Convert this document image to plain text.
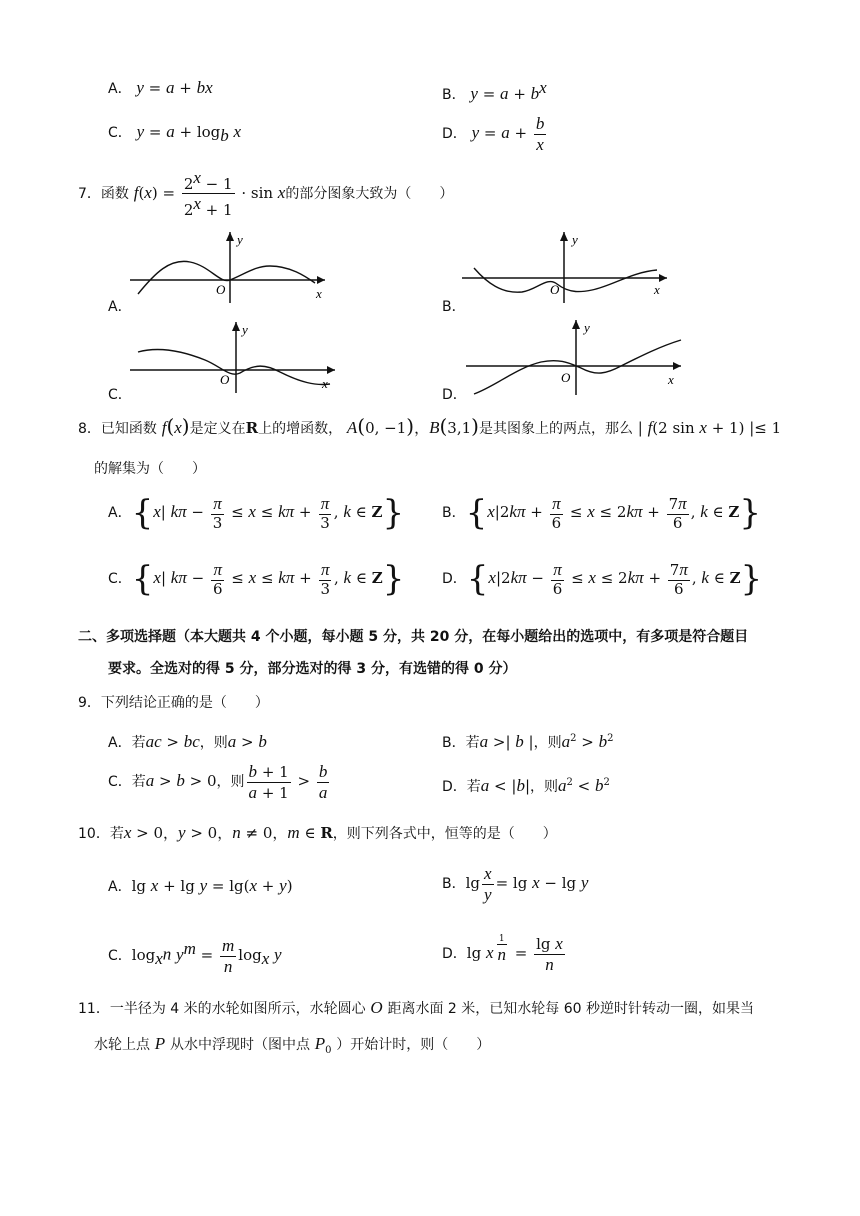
A． y = a + bx	B． $y = a + b^x$
C． $y = a + \log_b x$	D． $y = a + \frac{b}{x}$
7．函数 $f(x) = \frac{2^x - 1}{2^x + 1} \cdot \sin x$的部分图象大致为（　　）
A．
y
O	x
B．
y
O	x
C．
y
O	x
D．
y
O	x
8．已知函数 f(x)是定义在R上的增函数， A(0, −1)，B(3,1)是其图象上的两点，那么 | f(2 sin x + 1) |≤ 1
的解集为（　　）
A．{x| $k\pi - \frac{\pi}{3} \le x \le k\pi + \frac{\pi}{3}$ , k ∈ Z}	B．{$x|2k\pi + \frac{\pi}{6} \le x \le 2k\pi + \frac{7\pi}{6}$ , k ∈ Z}
C．{x| $k\pi - \frac{\pi}{6} \le x \le k\pi + \frac{\pi}{3}$ , k ∈ Z}	D．{$x|2k\pi - \frac{\pi}{6} \le x \le 2k\pi + \frac{7\pi}{6}$ , k ∈ Z}
二、多项选择题（本大题共 4 个小题，每小题 5 分，共 20 分，在每小题给出的选项中，有多项是符合题目
要求。全选对的得 5 分，部分选对的得 3 分，有选错的得 0 分）
9．下列结论正确的是（　　）
A．若ac > bc，则a > b	B．若a >| b |，则$a^2 > b^2$
C．若a > b > 0，则 $\frac{b + 1}{a + 1} > \frac{b}{a}$	D．若a < |b|，则$a^2 < b^2$
10．若x > 0，y > 0，n ≠ 0，m ∈ R，则下列各式中，恒等的是（　　）
A．lg x + lg y = lg(x + y)	B．$\lg \frac{x}{y} = \lg x - \lg y$
C．$\log_{x^n} y^m = \frac{m}{n} \log_x y$	D．lg x $^{\frac{1}{n}} = \frac{\text{lg x}}{n}$
11．一半径为 4 米的水轮如图所示，水轮圆心 O 距离水面 2 米，已知水轮每 60 秒逆时针转动一圈，如果当
水轮上点 P 从水中浮现时（图中点 $P_0$ ）开始计时，则（　　）
